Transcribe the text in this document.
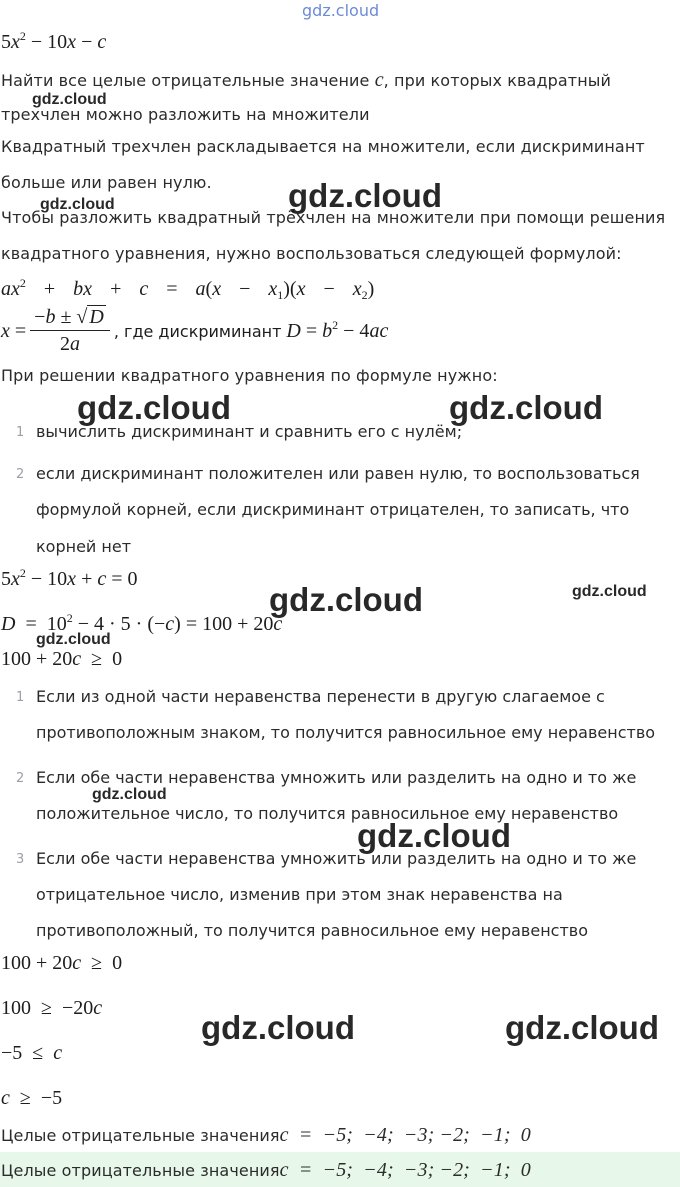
gdz.cloud
$5x^2 - 10x - c$
Найти все целые отрицательные значение c, при которых квадратный
трехчлен можно разложить на множители
Квадратный трехчлен раскладывается на множители, если дискриминант
больше или равен нулю.
Чтобы разложить квадратный трёхчлен на множители при помощи решения
квадратного уравнения, нужно воспользоваться следующей формулой:
$ax^2$  +  bx  +  $c = a(x - x_1)(x - x_2)$
$x = \frac{-b \pm √ D}{2a}$ , где дискриминант $D = b^2 - 4ac$
При решении квадратного уравнения по формуле нужно:
1 вычислить дискриминант и сравнить его с нулём;
2 если дискриминант положителен или равен нулю, то воспользоваться
формулой корней, если дискриминант отрицателен, то записать, что
корней нет
$5x^2 - 10x + c = 0$
$D = 10^2 - 4 \cdot 5 \cdot (-c) = 100 + 20c$
100 + 20c  ≥  0
1 Если из одной части неравенства перенести в другую слагаемое с
противоположным знаком, то получится равносильное ему неравенство
2 Если обе части неравенства умножить или разделить на одно и то же
положительное число, то получится равносильное ему неравенство
3 Если обе части неравенства умножить или разделить на одно и то же
отрицательное число, изменив при этом знак неравенства на
противоположный, то получится равносильное ему неравенство
100 + 20c  ≥  0
100  ≥  −20c
−5  ≤  c
c  ≥  −5
Целые отрицательные значения c  =  −5;  −4;  −3; −2;  −1;  0
Целые отрицательные значения c  =  −5;  −4;  −3; −2;  −1;  0
gdz.cloud
gdz.cloud	gdz.cloud
gdz.cloud	gdz.cloud
gdz.cloud	gdz.cloud
gdz.cloud
gdz.cloud
gdz.cloud
gdz.cloud	gdz.cloud
